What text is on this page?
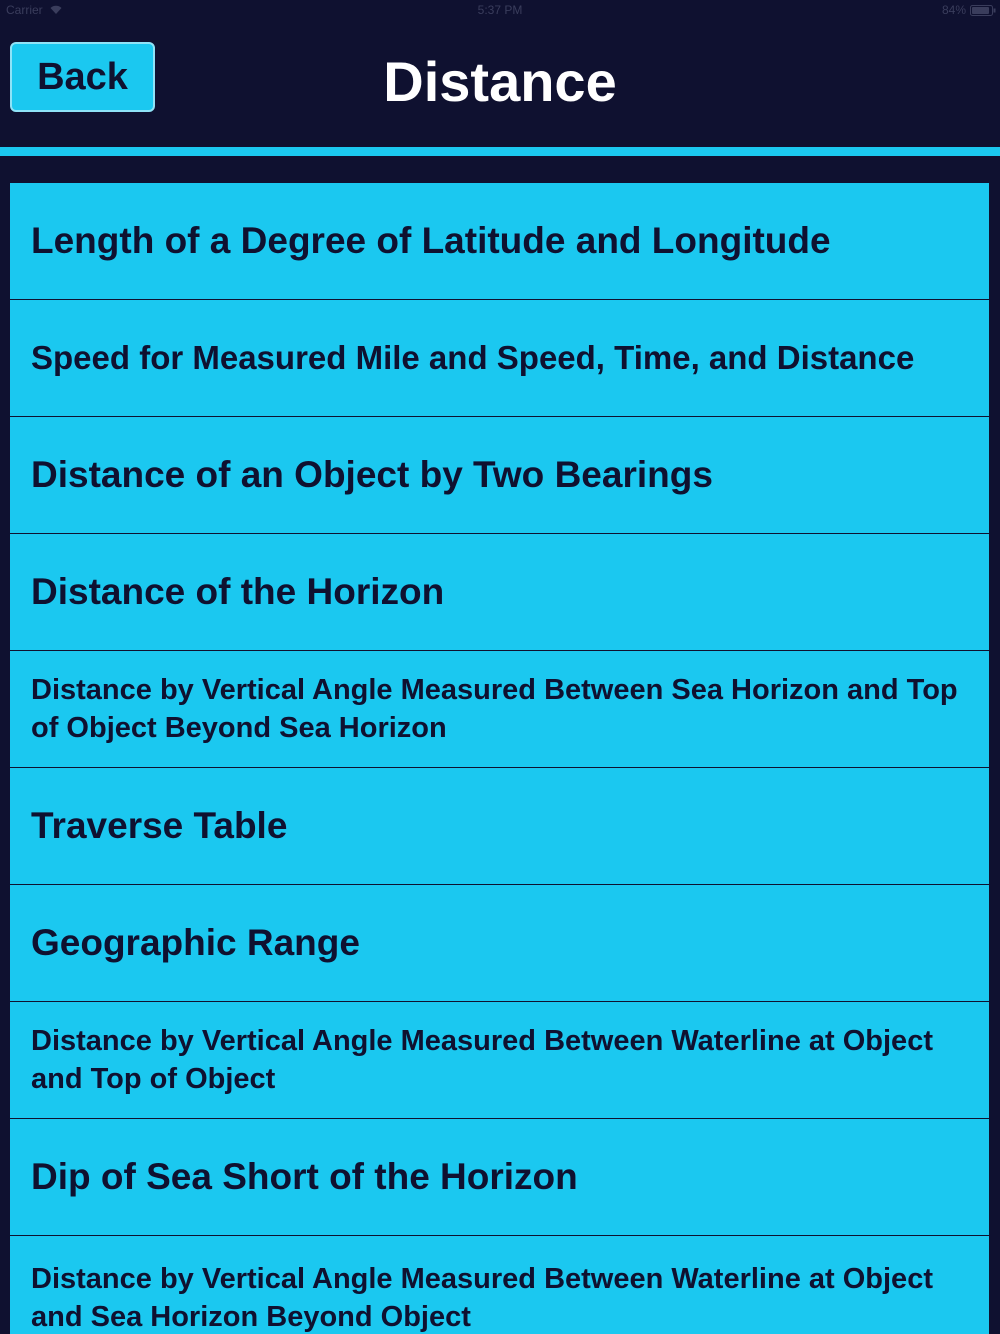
Carrier	5:37 PM	84%
Back	Distance
Length of a Degree of Latitude and Longitude
Speed for Measured Mile and Speed, Time, and Distance
Distance of an Object by Two Bearings
Distance of the Horizon
Distance by Vertical Angle Measured Between Sea Horizon and Top of Object Beyond Sea Horizon
Traverse Table
Geographic Range
Distance by Vertical Angle Measured Between Waterline at Object and Top of Object
Dip of Sea Short of the Horizon
Distance by Vertical Angle Measured Between Waterline at Object and Sea Horizon Beyond Object
